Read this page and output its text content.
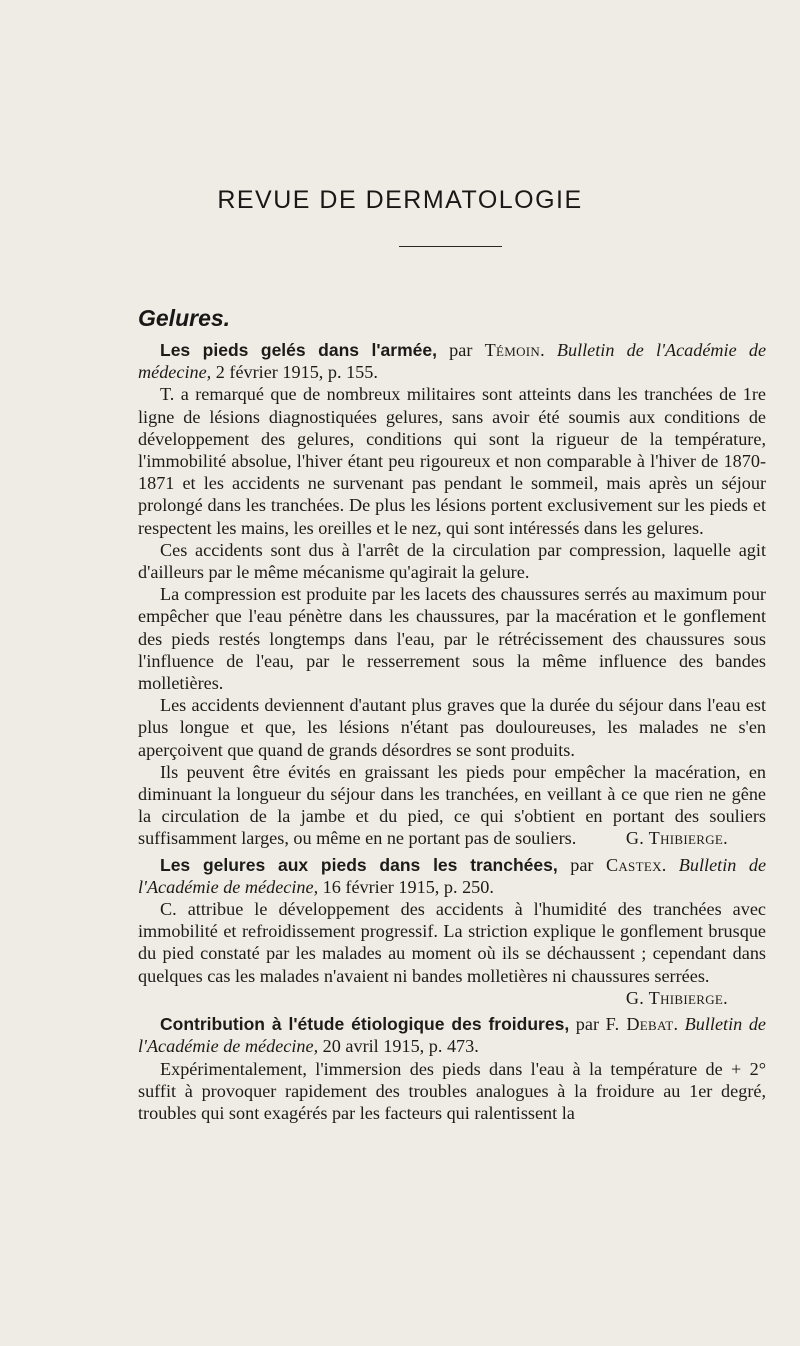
REVUE DE DERMATOLOGIE
Gelures.

Les pieds gelés dans l'armée, par Témoin. Bulletin de l'Académie de médecine, 2 février 1915, p. 155.

T. a remarqué que de nombreux militaires sont atteints dans les tranchées de 1re ligne de lésions diagnostiquées gelures, sans avoir été soumis aux conditions de développement des gelures, conditions qui sont la rigueur de la température, l'immobilité absolue, l'hiver étant peu rigoureux et non comparable à l'hiver de 1870-1871 et les accidents ne survenant pas pendant le sommeil, mais après un séjour prolongé dans les tranchées. De plus les lésions portent exclusivement sur les pieds et respectent les mains, les oreilles et le nez, qui sont intéressés dans les gelures.

Ces accidents sont dus à l'arrêt de la circulation par compression, laquelle agit d'ailleurs par le même mécanisme qu'agirait la gelure.

La compression est produite par les lacets des chaussures serrés au maximum pour empêcher que l'eau pénètre dans les chaussures, par la macération et le gonflement des pieds restés longtemps dans l'eau, par le rétrécissement des chaussures sous l'influence de l'eau, par le resserrement sous la même influence des bandes molletières.

Les accidents deviennent d'autant plus graves que la durée du séjour dans l'eau est plus longue et que, les lésions n'étant pas douloureuses, les malades ne s'en aperçoivent que quand de grands désordres se sont produits.

Ils peuvent être évités en graissant les pieds pour empêcher la macération, en diminuant la longueur du séjour dans les tranchées, en veillant à ce que rien ne gêne la circulation de la jambe et du pied, ce qui s'obtient en portant des souliers suffisamment larges, ou même en ne portant pas de souliers.	G. Thibierge.

Les gelures aux pieds dans les tranchées, par Castex. Bulletin de l'Académie de médecine, 16 février 1915, p. 250.

C. attribue le développement des accidents à l'humidité des tranchées avec immobilité et refroidissement progressif. La striction explique le gonflement brusque du pied constaté par les malades au moment où ils se déchaussent ; cependant dans quelques cas les malades n'avaient ni bandes molletières ni chaussures serrées.
G. Thibierge.

Contribution à l'étude étiologique des froidures, par F. Debat. Bulletin de l'Académie de médecine, 20 avril 1915, p. 473.

Expérimentalement, l'immersion des pieds dans l'eau à la température de + 2° suffit à provoquer rapidement des troubles analogues à la froidure au 1er degré, troubles qui sont exagérés par les facteurs qui ralentissent la
